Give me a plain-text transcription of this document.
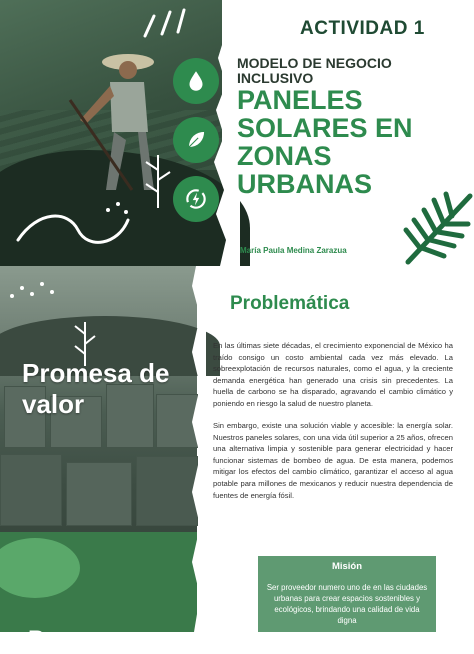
ACTIVIDAD 1
MODELO DE NEGOCIO INCLUSIVO
PANELES SOLARES EN ZONAS URBANAS
María Paula Medina Zarazua
Promesa de valor
P
Problemática
En las últimas siete décadas, el crecimiento exponencial de México ha traído consigo un costo ambiental cada vez más elevado. La sobreexplotación de recursos naturales, como el agua, y la creciente demanda energética han generado una crisis sin precedentes. La huella de carbono se ha disparado, agravando el cambio climático y poniendo en riesgo la salud de nuestro planeta.
Sin embargo, existe una solución viable y accesible: la energía solar. Nuestros paneles solares, con una vida útil superior a 25 años, ofrecen una alternativa limpia y sostenible para generar electricidad y hacer funcionar sistemas de bombeo de agua. De esta manera, podemos mitigar los efectos del cambio climático, garantizar el acceso al agua potable para millones de mexicanos y reducir nuestra dependencia de fuentes de energía fósil.
Misión
Ser proveedor numero uno de en las ciudades urbanas para crear espacios sostenibles y ecológicos, brindando una calidad de vida digna
